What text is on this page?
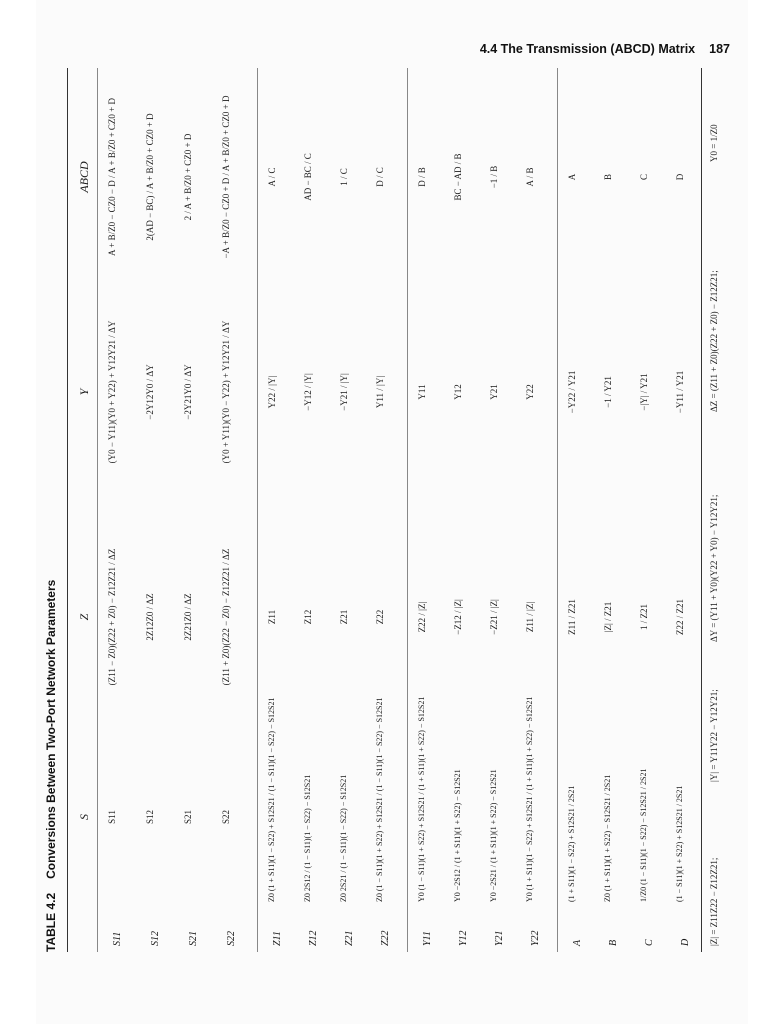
4.4 The Transmission (ABCD) Matrix 187
TABLE 4.2Conversions Between Two-Port Network Parameters	S
Z
Y
ABCD
S11
S11
(Z11 − Z0)(Z22 + Z0) − Z12Z21 / ΔZ
(Y0 − Y11)(Y0 + Y22) + Y12Y21 / ΔY
A + B/Z0 − CZ0 − D / A + B/Z0 + CZ0 + D
S12
S12
2Z12Z0 / ΔZ
−2Y12Y0 / ΔY
2(AD − BC) / A + B/Z0 + CZ0 + D
S21
S21
2Z21Z0 / ΔZ
−2Y21Y0 / ΔY
2 / A + B/Z0 + CZ0 + D
S22
S22
(Z11 + Z0)(Z22 − Z0) − Z12Z21 / ΔZ
(Y0 + Y11)(Y0 − Y22) + Y12Y21 / ΔY
−A + B/Z0 − CZ0 + D / A + B/Z0 + CZ0 + D
Z11
Z0 (1 + S11)(1 − S22) + S12S21 / (1 − S11)(1 − S22) − S12S21
Z11
Y22 / |Y|
A / C
Z12
Z0 2S12 / (1 − S11)(1 − S22) − S12S21
Z12
−Y12 / |Y|
AD − BC / C
Z21
Z0 2S21 / (1 − S11)(1 − S22) − S12S21
Z21
−Y21 / |Y|
1 / C
Z22
Z0 (1 − S11)(1 + S22) + S12S21 / (1 − S11)(1 − S22) − S12S21
Z22
Y11 / |Y|
D / C
Y11
Y0 (1 − S11)(1 + S22) + S12S21 / (1 + S11)(1 + S22) − S12S21
Z22 / |Z|
Y11
D / B
Y12
Y0 −2S12 / (1 + S11)(1 + S22) − S12S21
−Z12 / |Z|
Y12
BC − AD / B
Y21
Y0 −2S21 / (1 + S11)(1 + S22) − S12S21
−Z21 / |Z|
Y21
−1 / B
Y22
Y0 (1 + S11)(1 − S22) + S12S21 / (1 + S11)(1 + S22) − S12S21
Z11 / |Z|
Y22
A / B
A
(1 + S11)(1 − S22) + S12S21 / 2S21
Z11 / Z21
−Y22 / Y21
A
B
Z0 (1 + S11)(1 + S22) − S12S21 / 2S21
|Z| / Z21
−1 / Y21
B
C
1/Z0 (1 − S11)(1 − S22) − S12S21 / 2S21
1 / Z21
−|Y| / Y21
C
D
(1 − S11)(1 + S22) + S12S21 / 2S21
Z22 / Z21
−Y11 / Y21
D
|Z| = Z11Z22 − Z12Z21;
|Y| = Y11Y22 − Y12Y21;
ΔY = (Y11 + Y0)(Y22 + Y0) − Y12Y21;
ΔZ = (Z11 + Z0)(Z22 + Z0) − Z12Z21;
Y0 = 1/Z0
